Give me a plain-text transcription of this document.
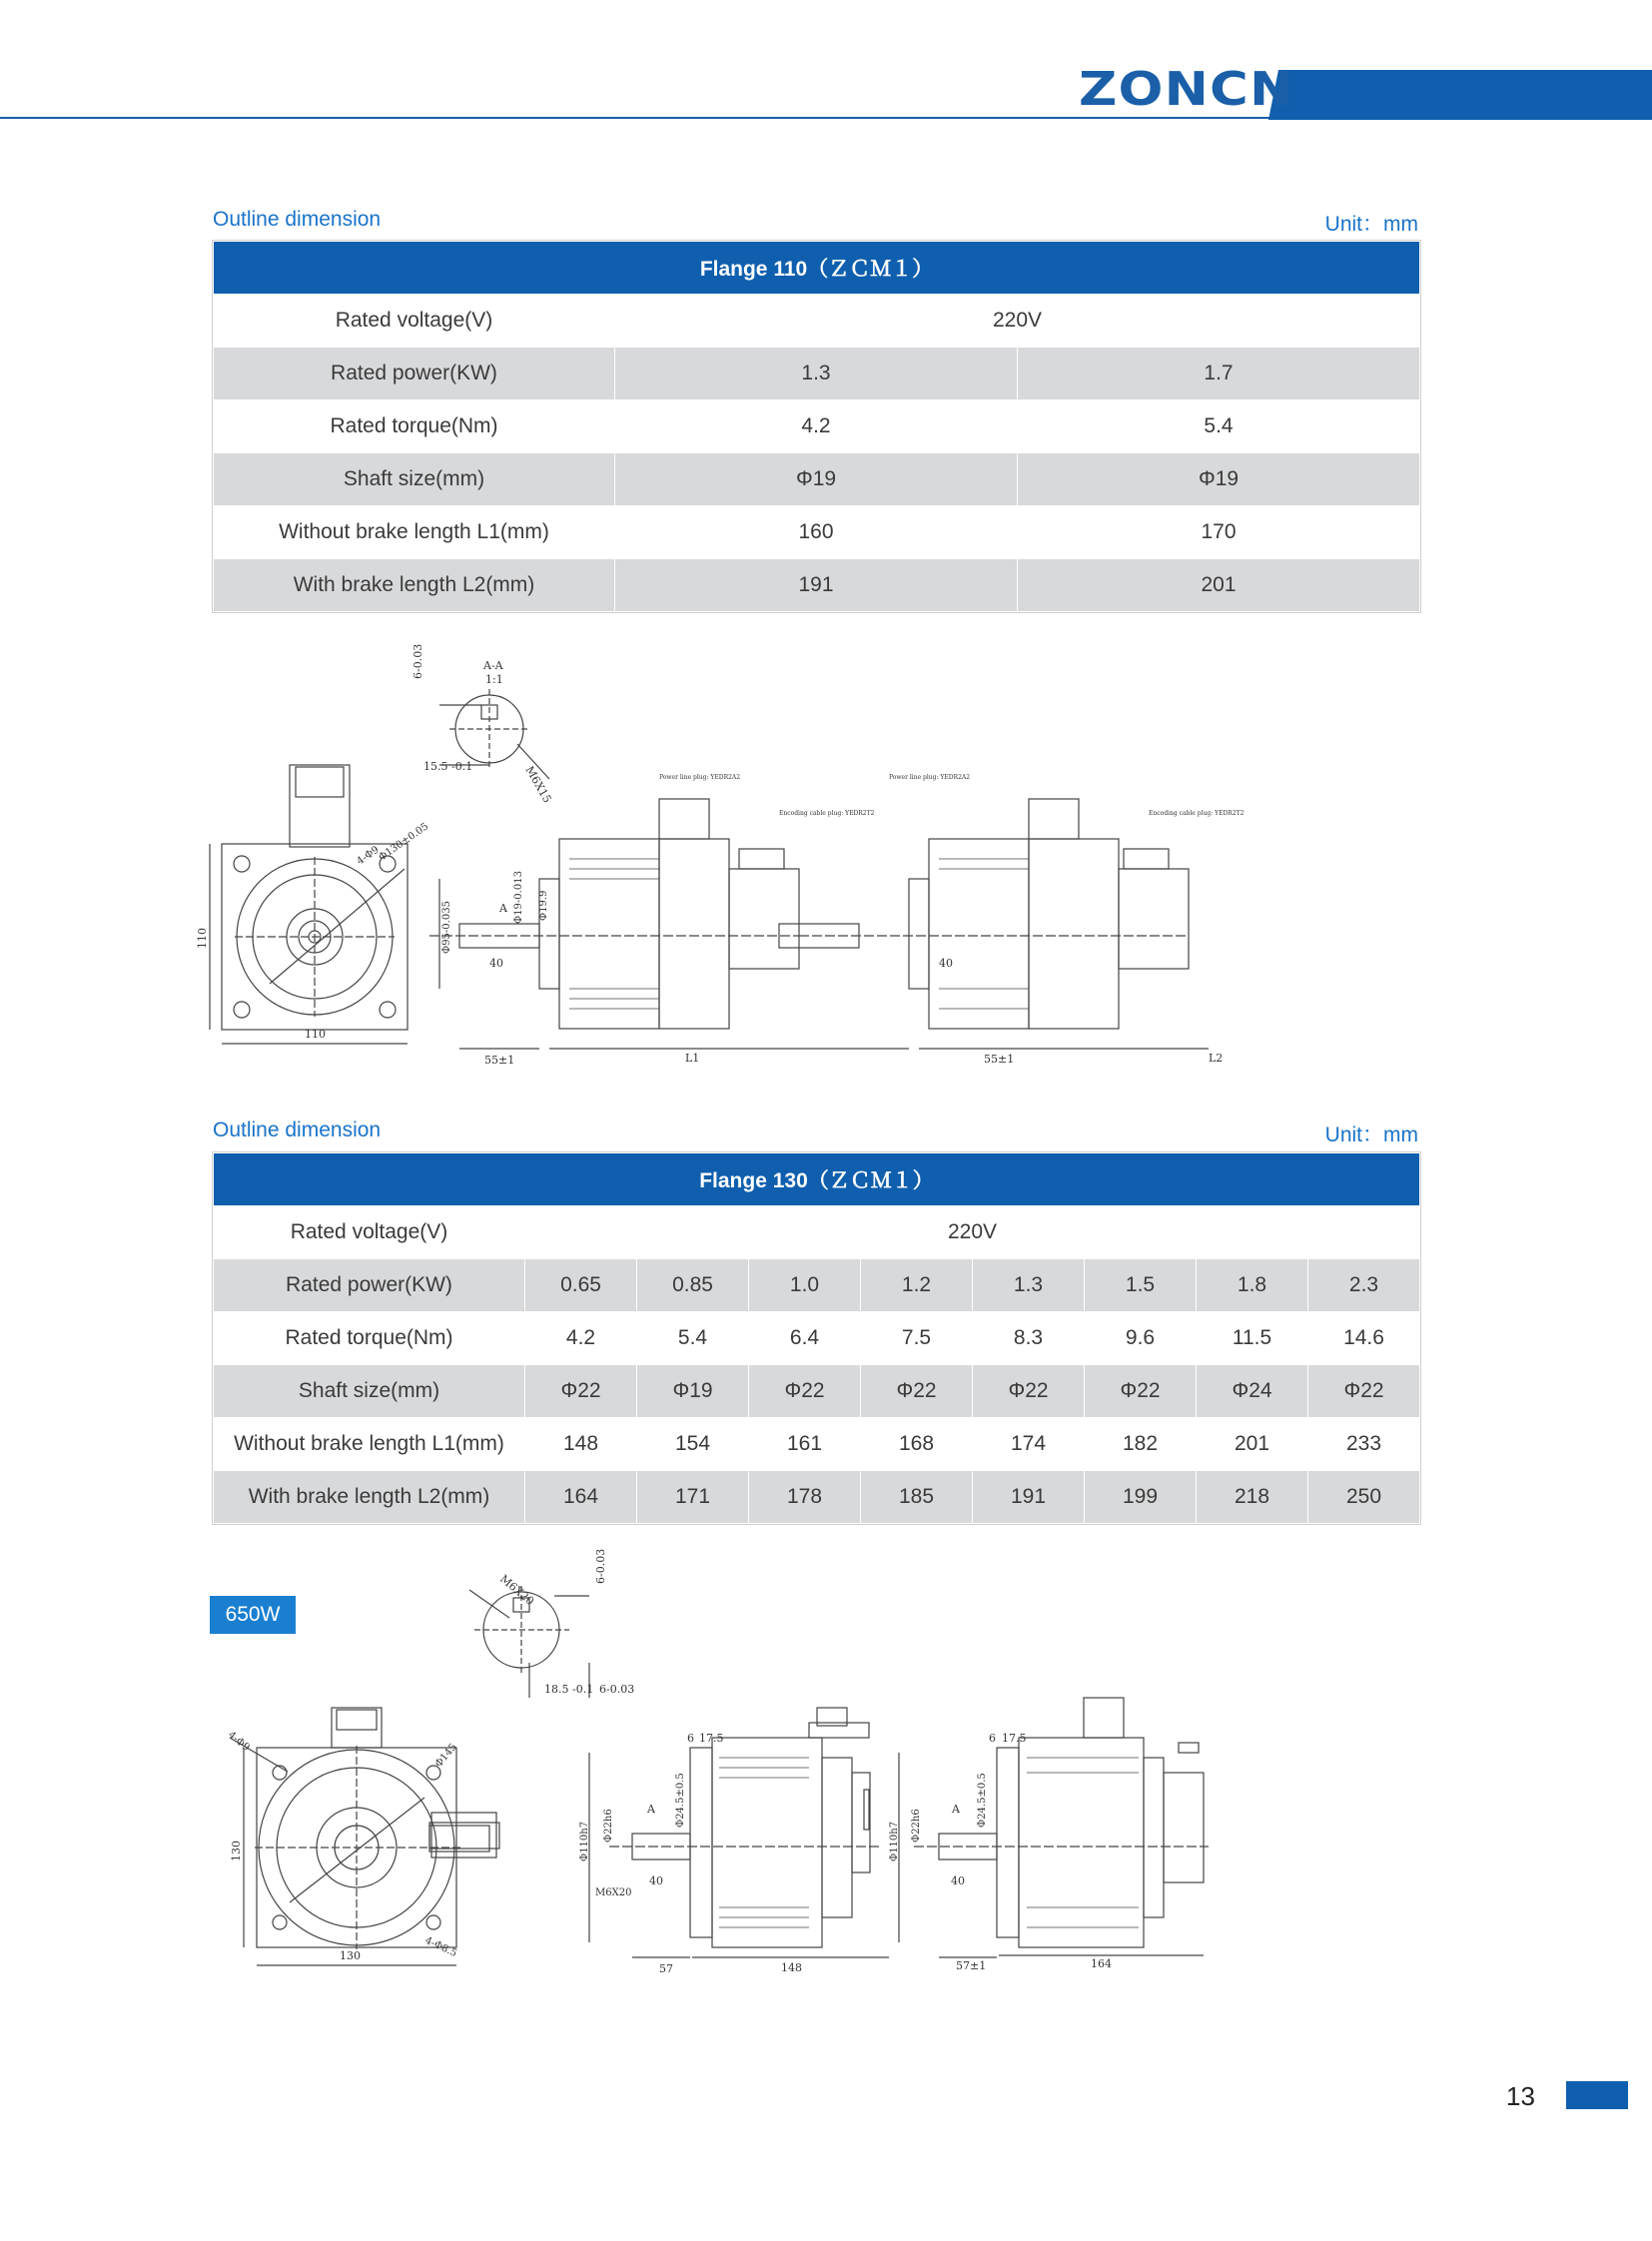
ZONCN
Outline dimension	Unit：mm
Flange 110（ＺＣＭ１）		
Rated voltage(V)	220V	
Rated power(KW)	1.3	1.7
Rated torque(Nm)	4.2	5.4
Shaft size(mm)	Φ19	Φ19
Without brake length L1(mm)	160	170
With brake length L2(mm)	191	201
A-A
1:1
6-0.03
15.5 -0.1	M6X15
110
110
4-Φ9
Φ130±0.05
Power line plug: YEDR2A2	Power line plug: YEDR2A2
Encoding cable plug: YEDR2T2	Encoding cable plug: YEDR2T2
Φ19-0.013
Φ95-0.035	Φ19.9
40
55±1	L1
A
55±1	L2
40
Outline dimension	Unit：mm
Flange 130（ＺＣＭ１）								
Rated voltage(V)	220V							
Rated power(KW)	0.65	0.85	1.0	1.2	1.3	1.5	1.8	2.3
Rated torque(Nm)	4.2	5.4	6.4	7.5	8.3	9.6	11.5	14.6
Shaft size(mm)	Φ22	Φ19	Φ22	Φ22	Φ22	Φ22	Φ24	Φ22
Without brake length L1(mm)	148	154	161	168	174	182	201	233
With brake length L2(mm)	164	171	178	185	191	199	218	250
650W
M6X20
6-0.03
18.5 -0.1 6-0.03
4-Φ9
Φ145
4-Φ8.5
130
130
6 17.5
Φ24.5±0.5
Φ110h7 Φ22h6
M6X20
40
57	148
6 17.5
Φ24.5±0.5
Φ110h7 Φ22h6
40
57±1	164
A	A
13
